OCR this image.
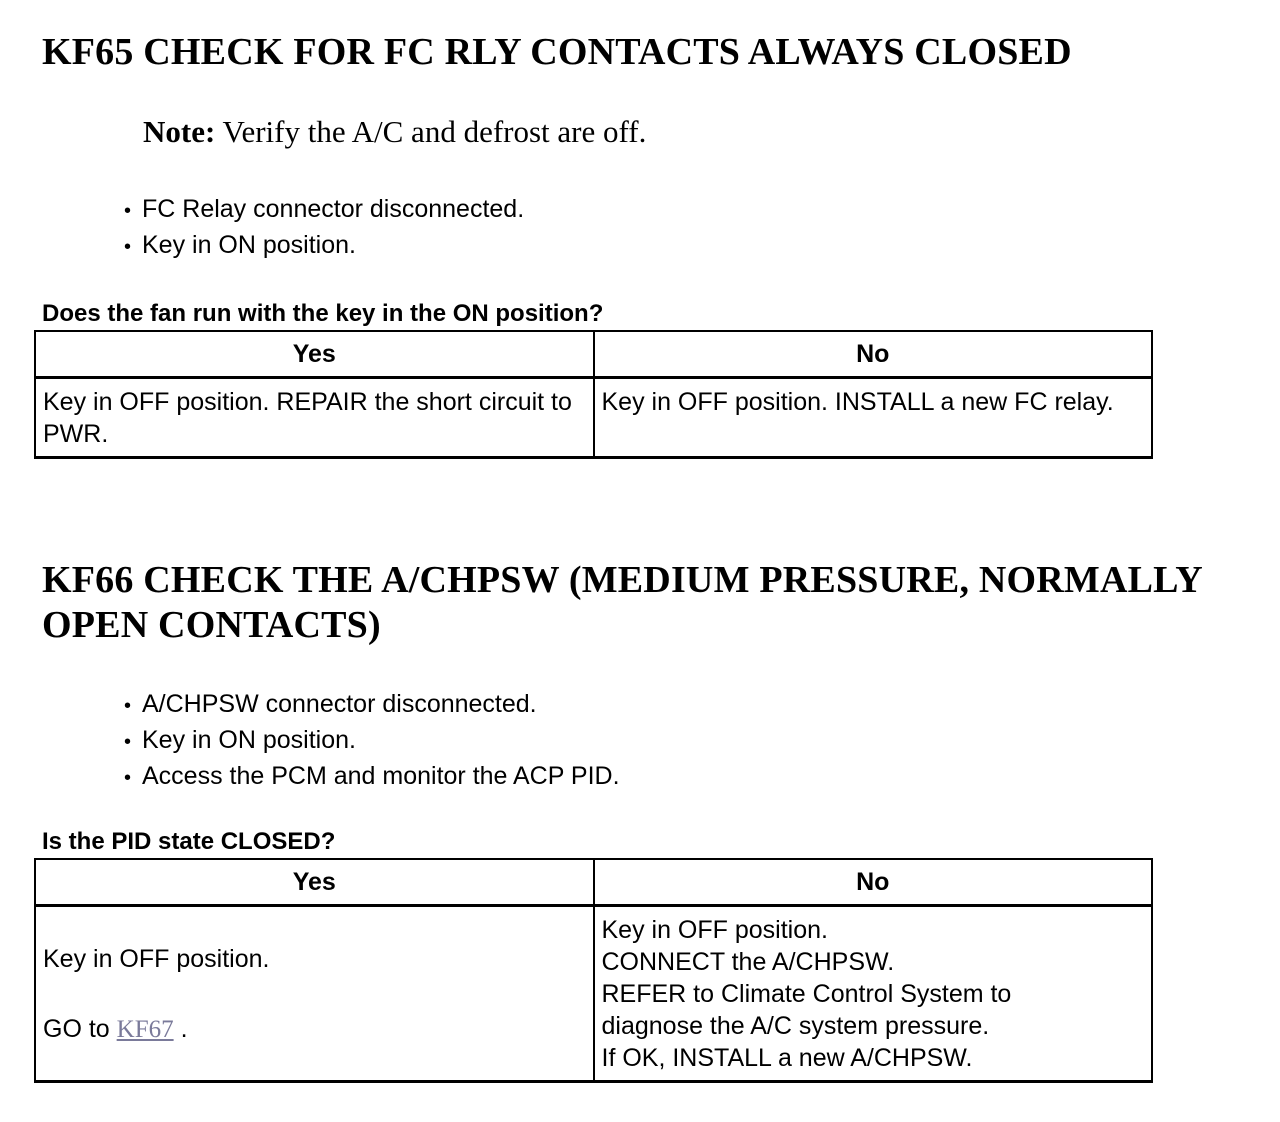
KF65 CHECK FOR FC RLY CONTACTS ALWAYS CLOSED

Note: Verify the A/C and defrost are off.

• FC Relay connector disconnected.
• Key in ON position.

Does the fan run with the key in the ON position?

Yes	No
Key in OFF position. REPAIR the short circuit to PWR.	Key in OFF position. INSTALL a new FC relay.
KF66 CHECK THE A/CHPSW (MEDIUM PRESSURE, NORMALLY
OPEN CONTACTS)
• A/CHPSW connector disconnected.
• Key in ON position.
• Access the PCM and monitor the ACP PID.

Is the PID state CLOSED?

Yes	No

Key in OFF position.
GO to KF67 .	Key in OFF position.
CONNECT the A/CHPSW.
REFER to Climate Control System to
diagnose the A/C system pressure.
If OK, INSTALL a new A/CHPSW.
